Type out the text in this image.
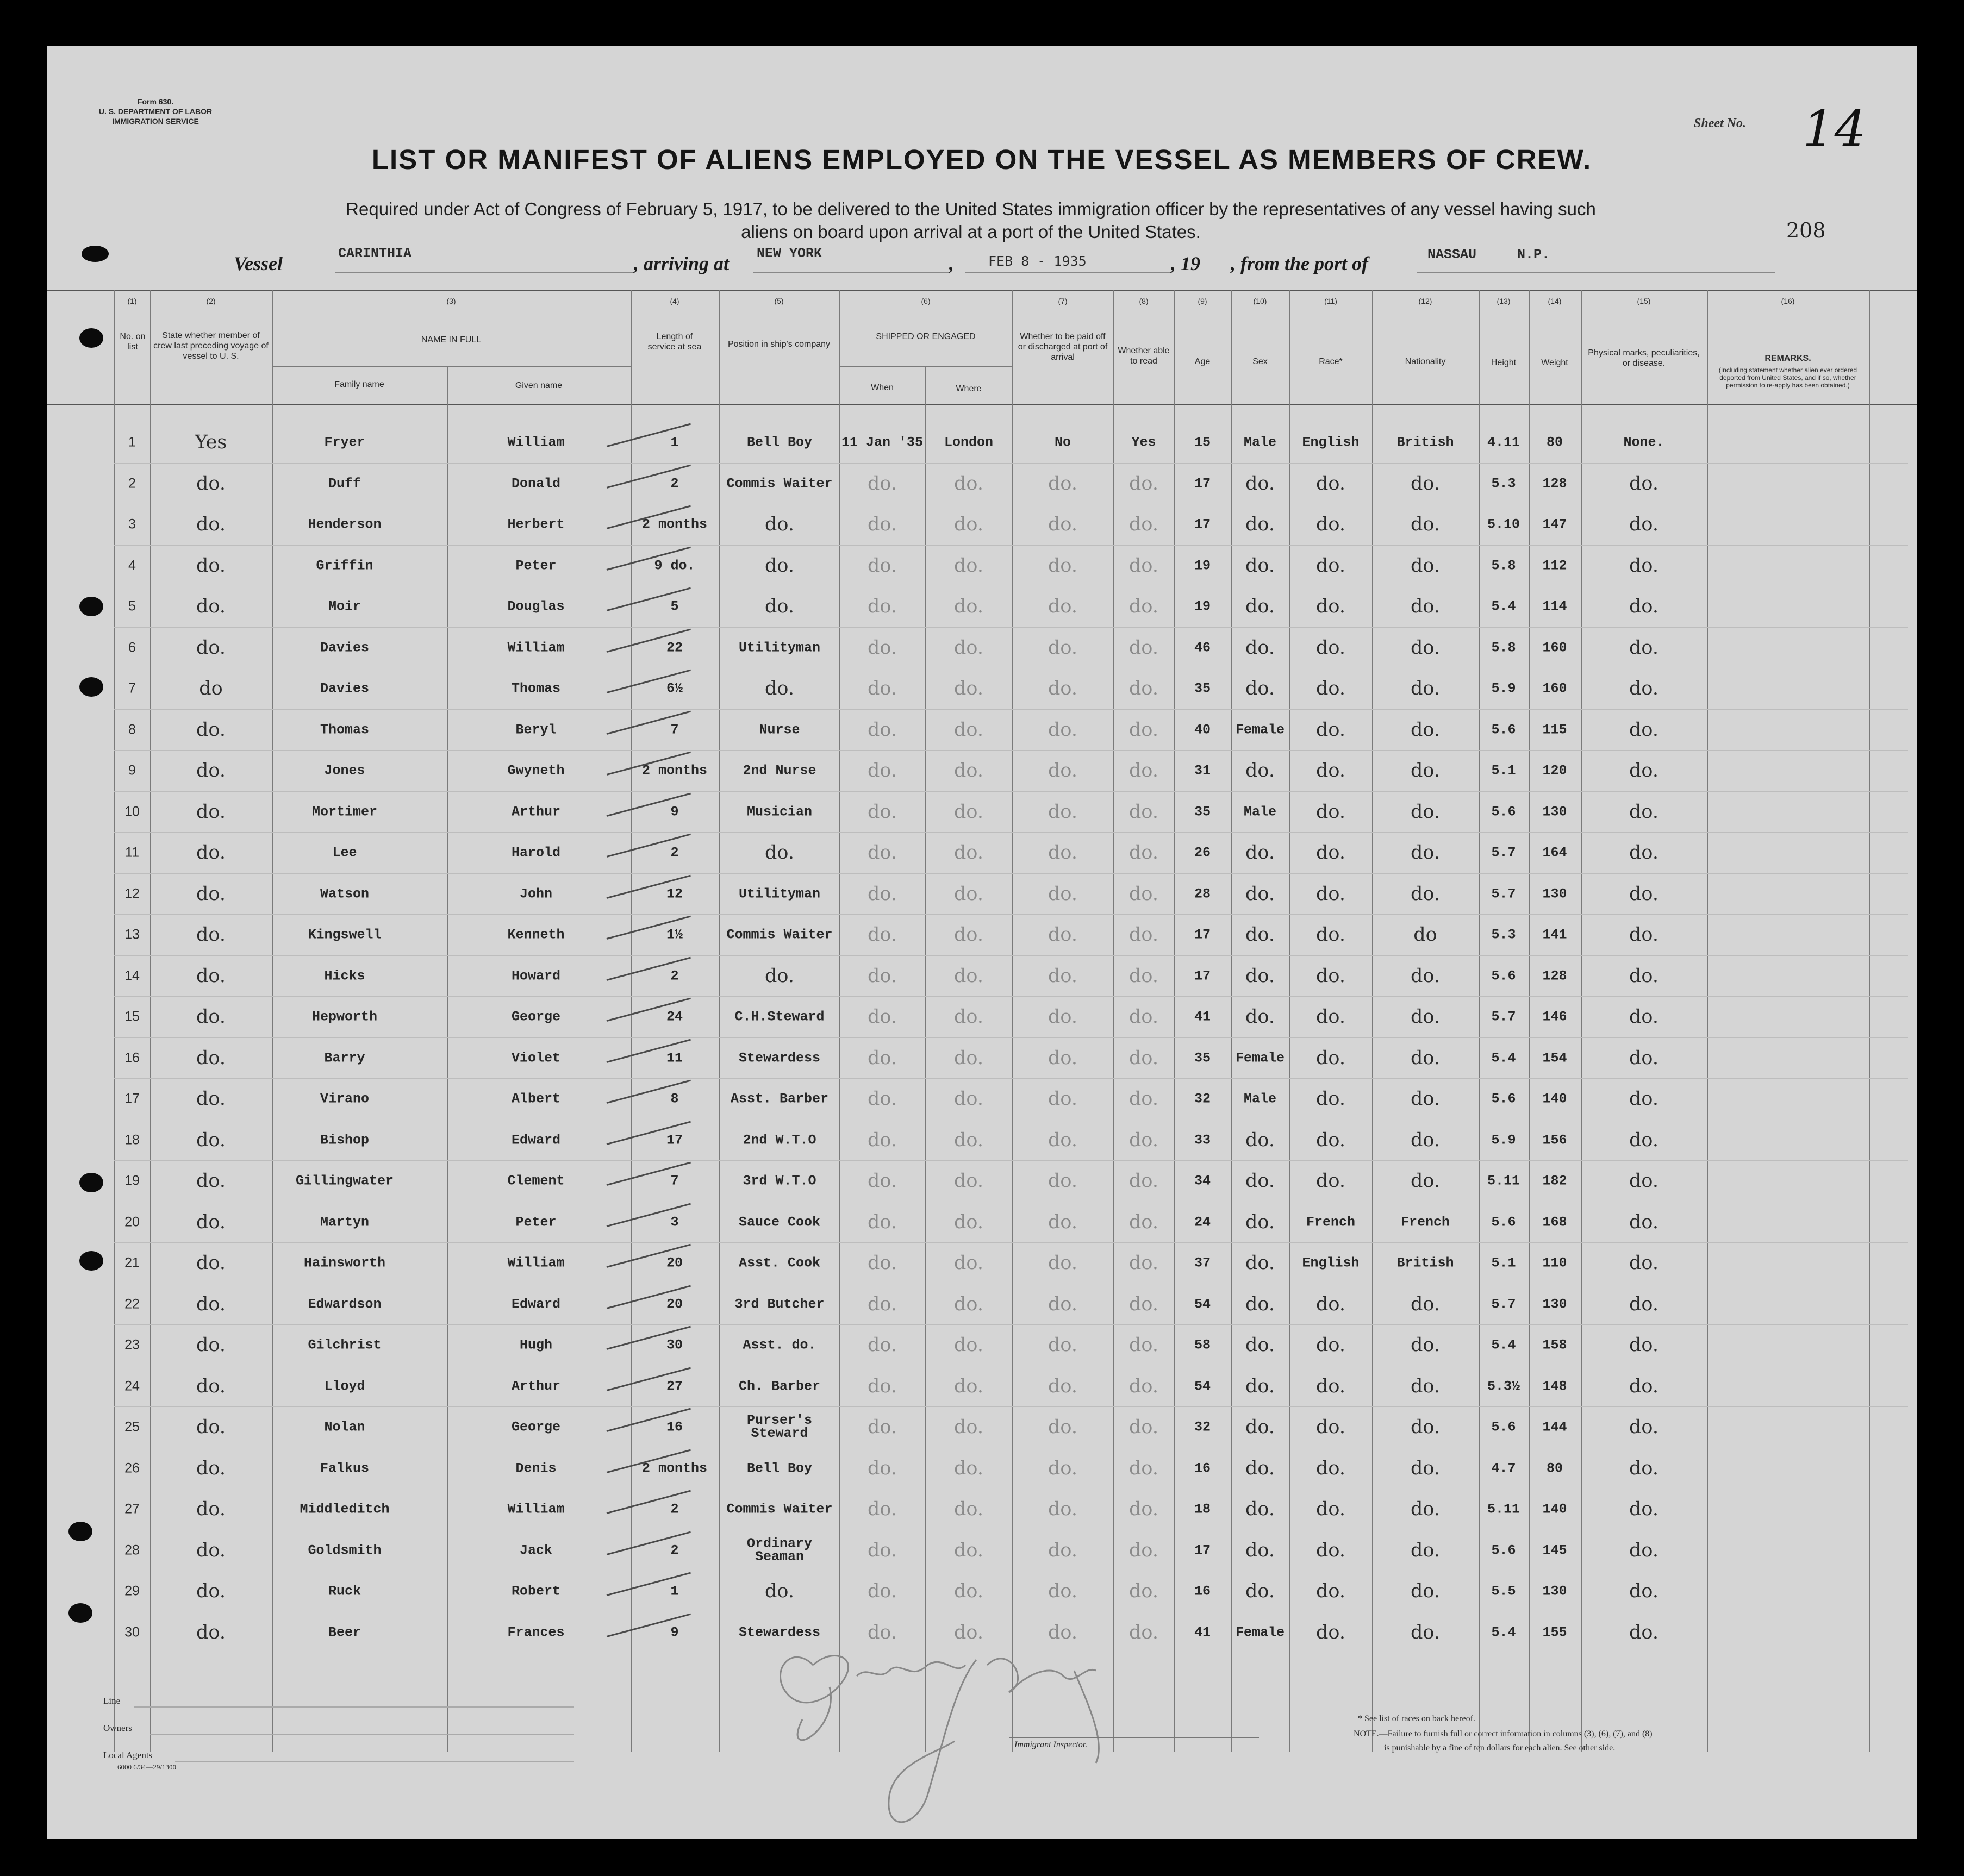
Form 630.
U. S. DEPARTMENT OF LABOR
IMMIGRATION SERVICE	Sheet No. 14
208
LIST OR MANIFEST OF ALIENS EMPLOYED ON THE VESSEL AS MEMBERS OF CREW.
Required under Act of Congress of February 5, 1917, to be delivered to the United States immigration officer by the representatives of any vessel having such
aliens on board upon arrival at a port of the United States.
Vessel	CARINTHIA	, arriving at NEW YORK	,	FEB 8 - 1935	, 19 , from the port of	NASSAU     N.P.
(1)	(2)	(3)	(4)	(5)	(6)	(7)	(8)	(9)	(10)	(11)	(12)	(13)	(14)	(15)	(16)
No. on list
State whether member of crew last preceding voyage of vessel to U. S.
NAME IN FULL
Family name	Given name
Length of service at sea	Position in ship's company
SHIPPED OR ENGAGED
When	Where
Whether to be paid off or discharged at port of arrival
Whether able to read	Age	Sex	Race*	Nationality	Height	Weight
Physical marks, peculiarities, or disease.
REMARKS.
(Including statement whether alien ever ordered deported from United States, and if so, whether permission to re-apply has been obtained.)
1	Yes	Fryer	William	1	Bell Boy	11 Jan '35	London	No	Yes	15	Male	English	British	4.11	80	None.
2	do.	Duff	Donald	2	Commis Waiter	do.	do.	do.	do.	17	do.	do.	do.	5.3	128	do.
3	do.	Henderson	Herbert	2 months	do.	do.	do.	do.	do.	17	do.	do.	do.	5.10	147	do.
4	do.	Griffin	Peter	9 do.	do.	do.	do.	do.	do.	19	do.	do.	do.	5.8	112	do.
5	do.	Moir	Douglas	5	do.	do.	do.	do.	do.	19	do.	do.	do.	5.4	114	do.
6	do.	Davies	William	22	Utilityman	do.	do.	do.	do.	46	do.	do.	do.	5.8	160	do.
7	do	Davies	Thomas	6½	do.	do.	do.	do.	do.	35	do.	do.	do.	5.9	160	do.
8	do.	Thomas	Beryl	7	Nurse	do.	do.	do.	do.	40	Female	do.	do.	5.6	115	do.
9	do.	Jones	Gwyneth	2 months	2nd Nurse	do.	do.	do.	do.	31	do.	do.	do.	5.1	120	do.
10	do.	Mortimer	Arthur	9	Musician	do.	do.	do.	do.	35	Male	do.	do.	5.6	130	do.
11	do.	Lee	Harold	2	do.	do.	do.	do.	do.	26	do.	do.	do.	5.7	164	do.
12	do.	Watson	John	12	Utilityman	do.	do.	do.	do.	28	do.	do.	do.	5.7	130	do.
13	do.	Kingswell	Kenneth	1½	Commis Waiter	do.	do.	do.	do.	17	do.	do.	do	5.3	141	do.
14	do.	Hicks	Howard	2	do.	do.	do.	do.	do.	17	do.	do.	do.	5.6	128	do.
15	do.	Hepworth	George	24	C.H.Steward	do.	do.	do.	do.	41	do.	do.	do.	5.7	146	do.
16	do.	Barry	Violet	11	Stewardess	do.	do.	do.	do.	35	Female	do.	do.	5.4	154	do.
17	do.	Virano	Albert	8	Asst. Barber	do.	do.	do.	do.	32	Male	do.	do.	5.6	140	do.
18	do.	Bishop	Edward	17	2nd W.T.O	do.	do.	do.	do.	33	do.	do.	do.	5.9	156	do.
19	do.	Gillingwater	Clement	7	3rd W.T.O	do.	do.	do.	do.	34	do.	do.	do.	5.11	182	do.
20	do.	Martyn	Peter	3	Sauce Cook	do.	do.	do.	do.	24	do.	French	French	5.6	168	do.
21	do.	Hainsworth	William	20	Asst. Cook	do.	do.	do.	do.	37	do.	English	British	5.1	110	do.
22	do.	Edwardson	Edward	20	3rd Butcher	do.	do.	do.	do.	54	do.	do.	do.	5.7	130	do.
23	do.	Gilchrist	Hugh	30	Asst. do.	do.	do.	do.	do.	58	do.	do.	do.	5.4	158	do.
24	do.	Lloyd	Arthur	27	Ch. Barber	do.	do.	do.	do.	54	do.	do.	do.	5.3½	148	do.
25	do.	Nolan	George	16	Purser's Steward	do.	do.	do.	do.	32	do.	do.	do.	5.6	144	do.
26	do.	Falkus	Denis	2 months	Bell Boy	do.	do.	do.	do.	16	do.	do.	do.	4.7	80	do.
27	do.	Middleditch	William	2	Commis Waiter	do.	do.	do.	do.	18	do.	do.	do.	5.11	140	do.
28	do.	Goldsmith	Jack	2	Ordinary Seaman	do.	do.	do.	do.	17	do.	do.	do.	5.6	145	do.
29	do.	Ruck	Robert	1	do.	do.	do.	do.	do.	16	do.	do.	do.	5.5	130	do.
30	do.	Beer	Frances	9	Stewardess	do.	do.	do.	do.	41	Female	do.	do.	5.4	155	do.
Line
Owners
Local Agents
6000 6/34—29/1300
Immigrant Inspector.
* See list of races on back hereof.
NOTE.—Failure to furnish full or correct information in columns (3), (6), (7), and (8)
is punishable by a fine of ten dollars for each alien. See other side.
